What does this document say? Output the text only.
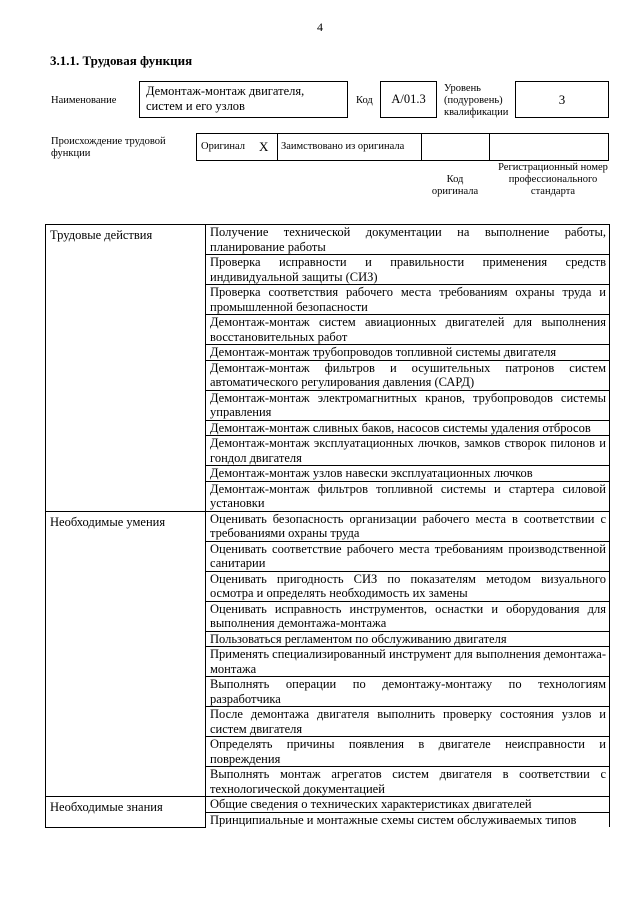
4
3.1.1. Трудовая функция
Наименование
Демонтаж-монтаж двигателя, систем и его узлов	Код	А/01.3
Уровень (подуровень) квалификации
3
Происхождение трудовой функции
Оригинал X Заимствовано из оригинала
Код оригинала
Регистрационный номер профессионального стандарта
Трудовые действия	Получение технической документации на выполнение работы, планирование работы
	Проверка исправности и правильности применения средств индивидуальной защиты (СИЗ)
	Проверка соответствия рабочего места требованиям охраны труда и промышленной безопасности
	Демонтаж-монтаж систем авиационных двигателей для выполнения восстановительных работ
	Демонтаж-монтаж трубопроводов топливной системы двигателя
	Демонтаж-монтаж фильтров и осушительных патронов систем автоматического регулирования давления (САРД)
	Демонтаж-монтаж электромагнитных кранов, трубопроводов системы управления
	Демонтаж-монтаж сливных баков, насосов системы удаления отбросов
	Демонтаж-монтаж эксплуатационных лючков, замков створок пилонов и гондол двигателя
	Демонтаж-монтаж узлов навески эксплуатационных лючков
	Демонтаж-монтаж фильтров топливной системы и стартера силовой установки
Необходимые умения	Оценивать безопасность организации рабочего места в соответствии с требованиями охраны труда
	Оценивать соответствие рабочего места требованиям производственной санитарии
	Оценивать пригодность СИЗ по показателям методом визуального осмотра и определять необходимость их замены
	Оценивать исправность инструментов, оснастки и оборудования для выполнения демонтажа-монтажа
	Пользоваться регламентом по обслуживанию двигателя
	Применять специализированный инструмент для выполнения демонтажа-монтажа
	Выполнять операции по демонтажу-монтажу по технологиям разработчика
	После демонтажа двигателя выполнить проверку состояния узлов и систем двигателя
	Определять причины появления в двигателе неисправности и повреждения
	Выполнять монтаж агрегатов систем двигателя в соответствии с технологической документацией
Необходимые знания	Общие сведения о технических характеристиках двигателей
	Принципиальные и монтажные схемы систем обслуживаемых типов
